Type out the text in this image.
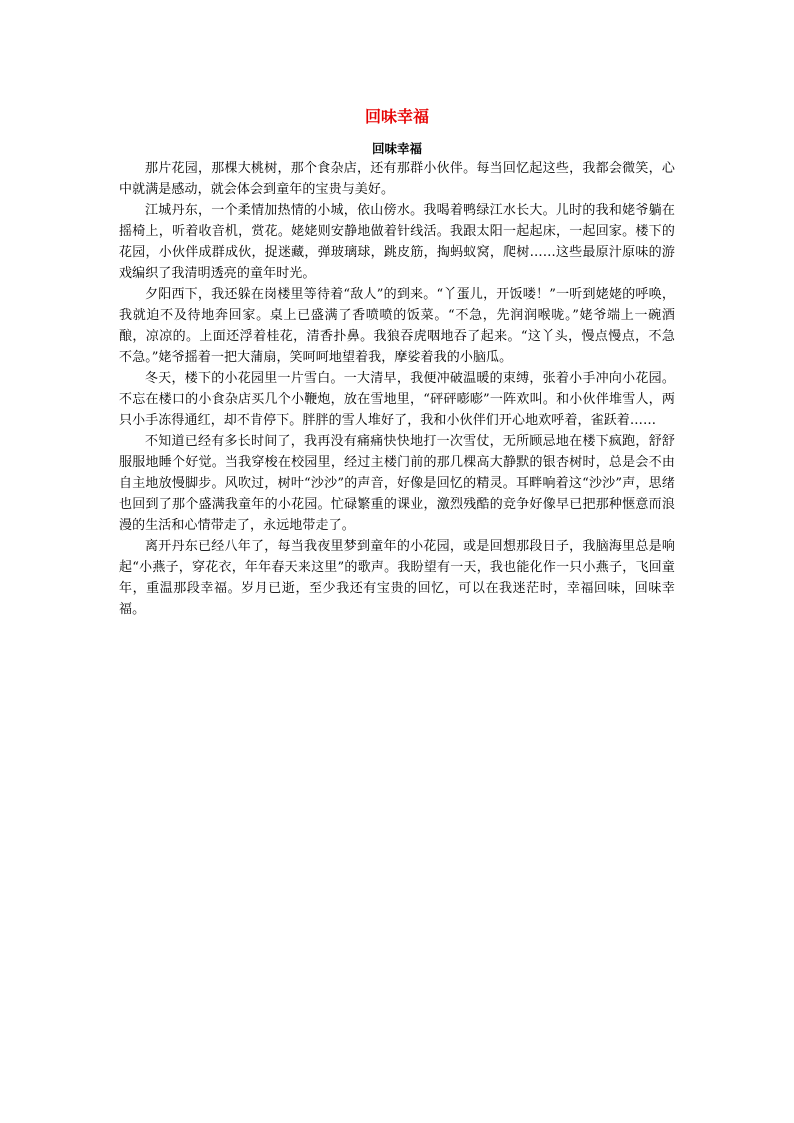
回味幸福
回味幸福

那片花园，那棵大桃树，那个食杂店，还有那群小伙伴。每当回忆起这些，我都会微笑，心中就满是感动，就会体会到童年的宝贵与美好。

江城丹东，一个柔情加热情的小城，依山傍水。我喝着鸭绿江水长大。儿时的我和姥爷躺在摇椅上，听着收音机，赏花。姥姥则安静地做着针线活。我跟太阳一起起床，一起回家。楼下的花园，小伙伴成群成伙，捉迷藏，弹玻璃球，跳皮筋，掏蚂蚁窝，爬树……这些最原汁原味的游戏编织了我清明透亮的童年时光。

夕阳西下，我还躲在岗楼里等待着“敌人”的到来。“丫蛋儿，开饭喽！”一听到姥姥的呼唤，我就迫不及待地奔回家。桌上已盛满了香喷喷的饭菜。“不急，先润润喉咙。”姥爷端上一碗酒酿，凉凉的。上面还浮着桂花，清香扑鼻。我狼吞虎咽地吞了起来。“这丫头，慢点慢点，不急不急。”姥爷摇着一把大蒲扇，笑呵呵地望着我，摩娑着我的小脑瓜。

冬天，楼下的小花园里一片雪白。一大清早，我便冲破温暖的束缚，张着小手冲向小花园。不忘在楼口的小食杂店买几个小鞭炮，放在雪地里，“砰砰嘭嘭”一阵欢叫。和小伙伴堆雪人，两只小手冻得通红，却不肯停下。胖胖的雪人堆好了，我和小伙伴们开心地欢呼着，雀跃着……

不知道已经有多长时间了，我再没有痛痛快快地打一次雪仗，无所顾忌地在楼下疯跑，舒舒服服地睡个好觉。当我穿梭在校园里，经过主楼门前的那几棵高大静默的银杏树时，总是会不由自主地放慢脚步。风吹过，树叶“沙沙”的声音，好像是回忆的精灵。耳畔响着这“沙沙”声，思绪也回到了那个盛满我童年的小花园。忙碌繁重的课业，激烈残酷的竞争好像早已把那种惬意而浪漫的生活和心情带走了，永远地带走了。

离开丹东已经八年了，每当我夜里梦到童年的小花园，或是回想那段日子，我脑海里总是响起“小燕子，穿花衣，年年春天来这里”的歌声。我盼望有一天，我也能化作一只小燕子，飞回童年，重温那段幸福。岁月已逝，至少我还有宝贵的回忆，可以在我迷茫时，幸福回味，回味幸福。
